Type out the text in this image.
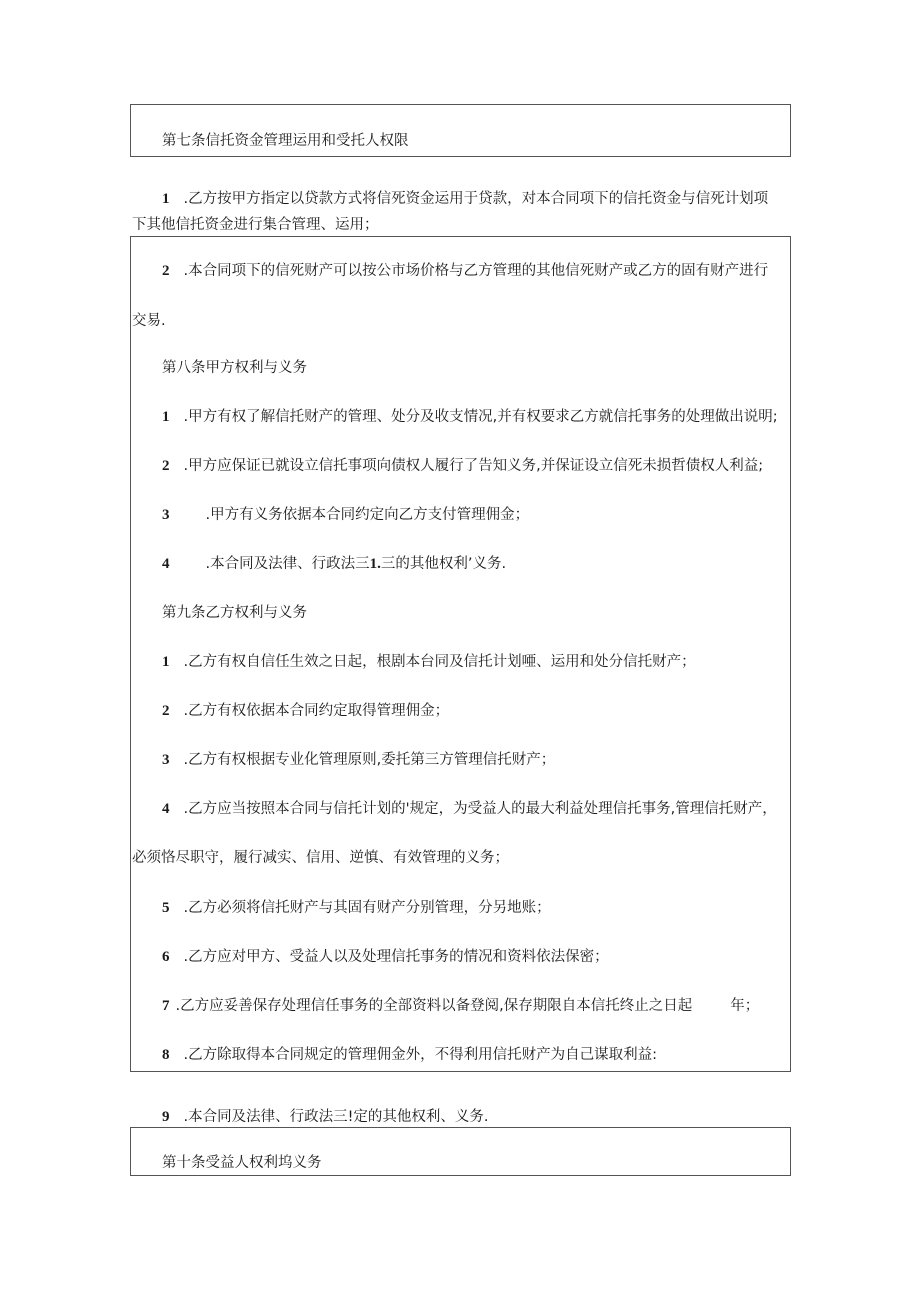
第七条信托资金管理运用和受托人权限
1 .乙方按甲方指定以贷款方式将信死资金运用于贷款，对本合同项下的信托资金与信死计划项
下其他信托资金进行集合管理、运用；
2 .本合同项下的信死财产可以按公市场价格与乙方管理的其他信死财产或乙方的固有财产进行
交易.
第八条甲方权利与义务
1 .甲方有权了解信托财产的管理、处分及收支情况,并有权要求乙方就信托事务的处理做出说明;
2 .甲方应保证已就设立信托事项向债权人履行了告知义务,并保证设立信死未损哲债权人利益;
3 .甲方有义务依据本合同约定向乙方支付管理佣金；
4 .本合同及法律、行政法三1.三的其他权利’义务.
第九条乙方权利与义务
1 .乙方有权自信任生效之日起，根剧本台同及信托计划唖、运用和处分信托财产；
2 .乙方有权依据本合同约定取得管理佣金；
3 .乙方有权根据专业化管理原则,委托第三方管理信托财产；
4 .乙方应当按照本合同与信托计划的'规定，为受益人的最大利益处理信托事务,管理信托财产，
必须恪尽职守，履行减实、信用、逆慎、有效管理的义务；
5 .乙方必须将信托财产与其固有财产分别管理，分另地账；
6 .乙方应对甲方、受益人以及处理信托事务的情况和资料依法保密；
7 .乙方应妥善保存处理信任事务的全部资料以备登阅,保存期限自本信托终止之日起	年；
8 .乙方除取得本合同规定的管理佣金外，不得利用信托财产为自己谋取利益:
9 .本合同及法律、行政法三!定的其他权利、义务.
第十条受益人权利坞义务
